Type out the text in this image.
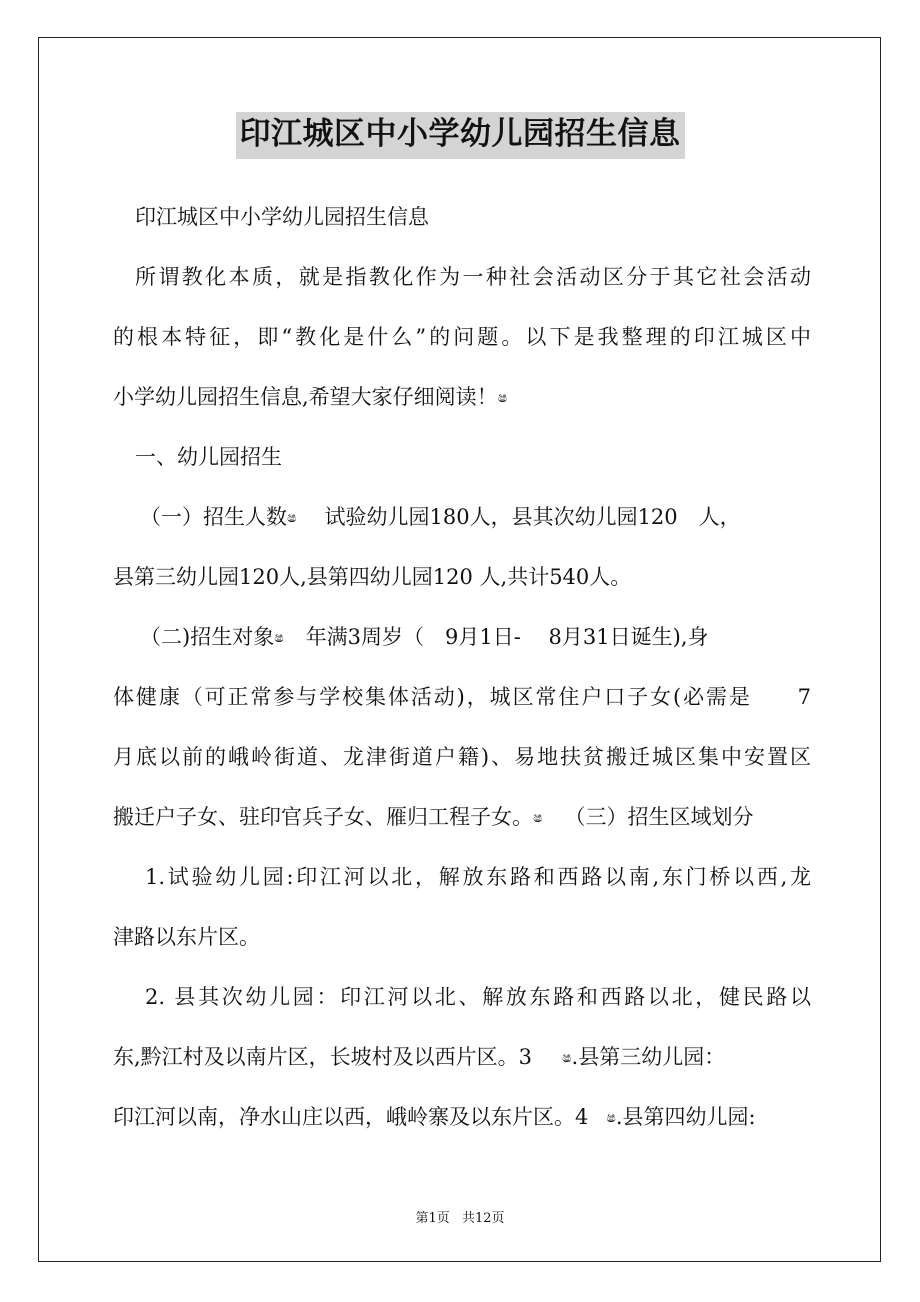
印江城区中小学幼儿园招生信息
印江城区中小学幼儿园招生信息
所谓教化本质，就是指教化作为一种社会活动区分于其它社会活动
的根本特征，即“教化是什么”的问题。以下是我整理的印江城区中
小学幼儿园招生信息,希望大家仔细阅读！ෂ
一、幼儿园招生
（一）招生人数ෂ 试验幼儿园180人，县其次幼儿园120　人，
县第三幼儿园120人,县第四幼儿园120 人,共计540人。
（二)招生对象ෂ 年满3周岁（　9月1日-　 8月31日诞生),身
体健康（可正常参与学校集体活动)，城区常住户口子女(必需是　　7
月底以前的峨岭街道、龙津街道户籍)、易地扶贫搬迁城区集中安置区
搬迁户子女、驻印官兵子女、雁归工程子女。ෂ （三）招生区域划分
1.试验幼儿园:印江河以北，解放东路和西路以南,东门桥以西,龙
津路以东片区。
2. 县其次幼儿园：印江河以北、解放东路和西路以北，健民路以
东,黔江村及以南片区，长坡村及以西片区。3 ෂ.县第三幼儿园：
印江河以南，净水山庄以西，峨岭寨及以东片区。4 ෂ.县第四幼儿园:
第1页 共12页
